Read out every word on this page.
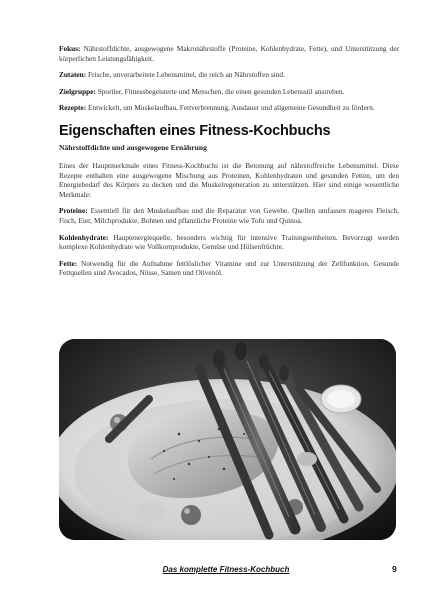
Fokus: Nährstoffdichte, ausgewogene Makronährstoffe (Proteine, Kohlenhydrate, Fette), und Unterstützung der körperlichen Leistungsfähigkeit.

Zutaten: Frische, unverarbeitete Lebensmittel, die reich an Nährstoffen sind.

Zielgruppe: Sportler, Fitnessbegeisterte und Menschen, die einen gesunden Lebensstil anstreben.

Rezepte: Entwickelt, um Muskelaufbau, Fettverbrennung, Ausdauer und allgemeine Gesundheit zu fördern.

Eigenschaften eines Fitness-Kochbuchs
Nährstoffdichte und ausgewogene Ernährung

Eines der Hauptmerkmale eines Fitness-Kochbuchs ist die Betonung auf nährstoffreiche Lebensmittel. Diese Rezepte enthalten eine ausgewogene Mischung aus Proteinen, Kohlenhydraten und gesunden Fetten, um den Energiebedarf des Körpers zu decken und die Muskelregeneration zu unterstützen. Hier sind einige wesentliche Merkmale:

Proteine: Essentiell für den Muskelaufbau und die Reparatur von Gewebe. Quellen umfassen mageres Fleisch, Fisch, Eier, Milchprodukte, Bohnen und pflanzliche Proteine wie Tofu und Quinoa.

Kohlenhydrate: Hauptenergiequelle, besonders wichtig für intensive Trainingseinheiten. Bevorzugt werden komplexe Kohlenhydrate wie Vollkornprodukte, Gemüse und Hülsenfrüchte.

Fette: Notwendig für die Aufnahme fettlöslicher Vitamine und zur Unterstützung der Zellfunktion. Gesunde Fettquellen sind Avocados, Nüsse, Samen und Olivenöl.

Das komplette Fitness-Kochbuch	9
